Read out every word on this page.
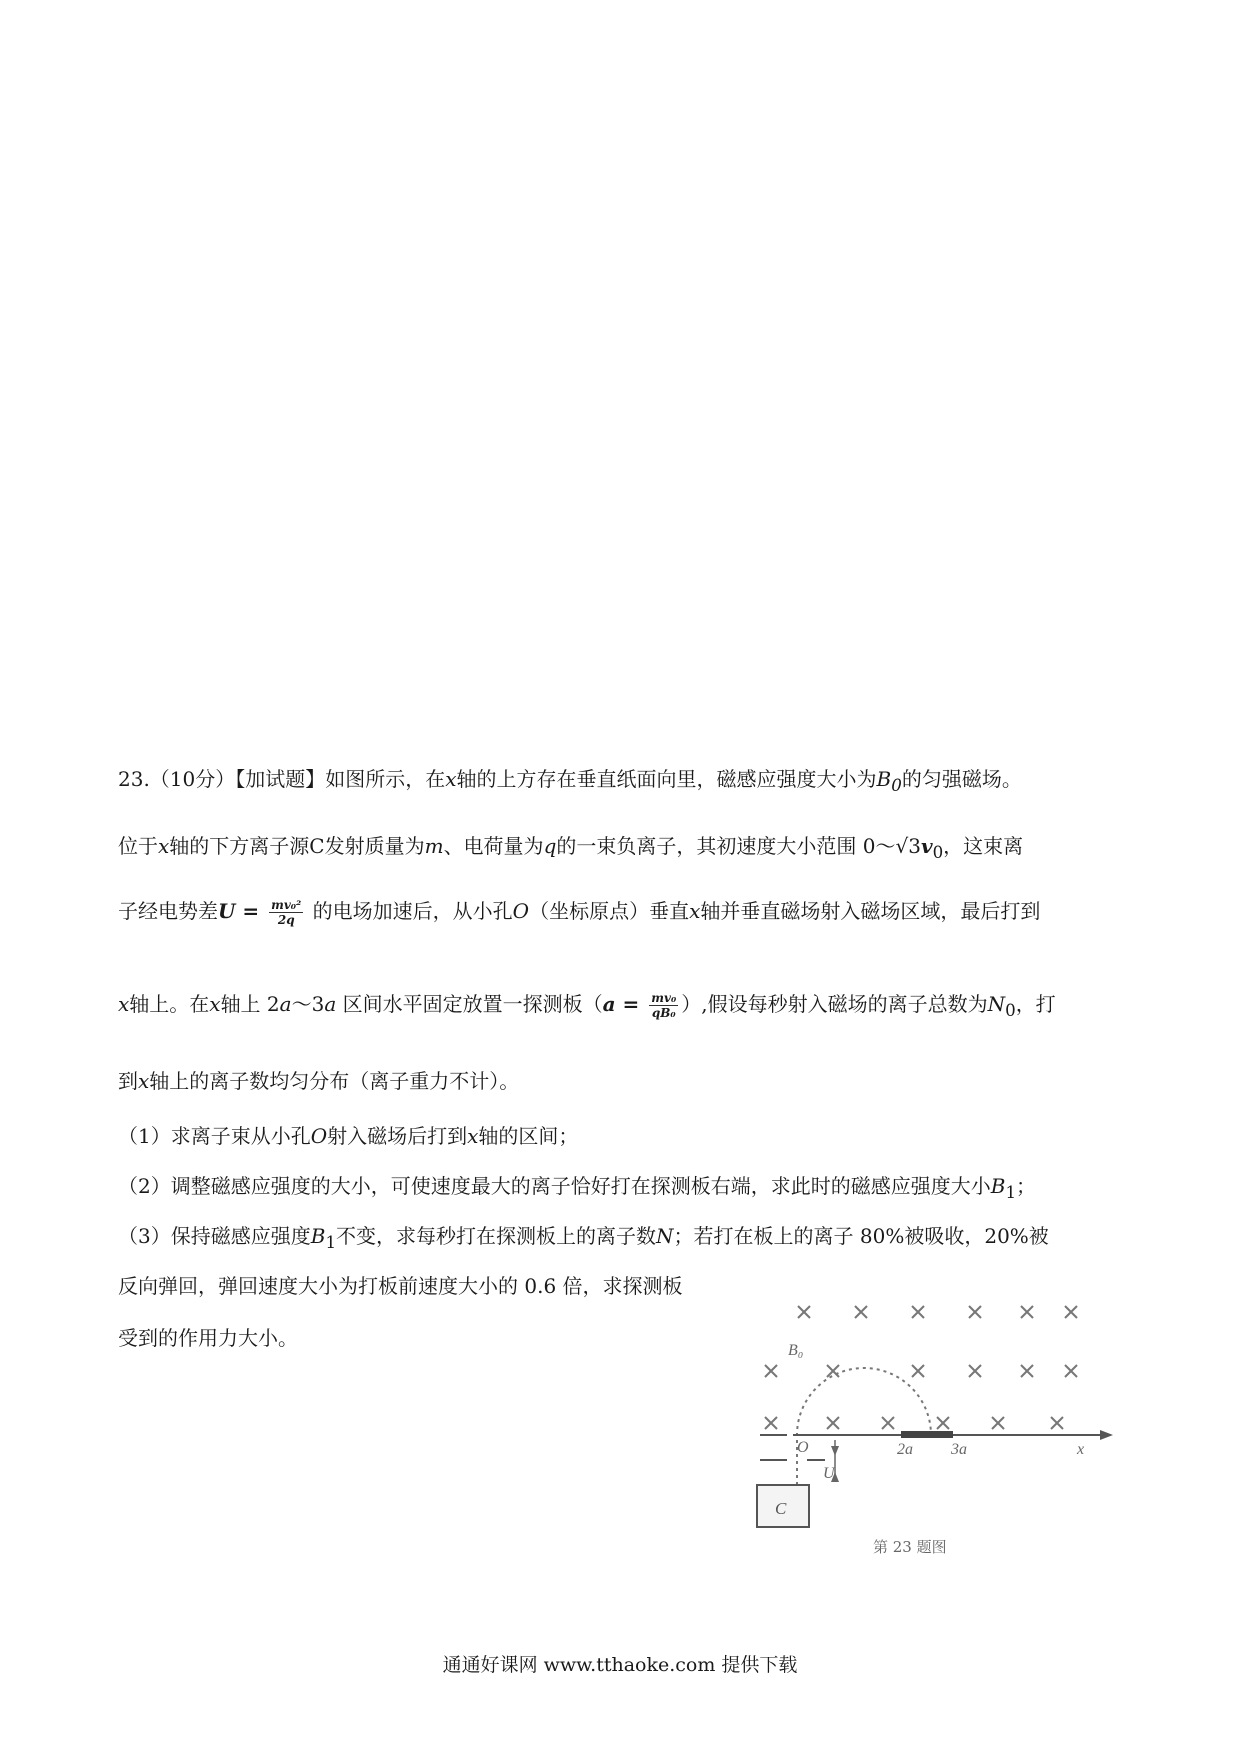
23.（10分）【加试题】如图所示，在x轴的上方存在垂直纸面向里，磁感应强度大小为$B_0$的匀强磁场。
位于x轴的下方离子源C发射质量为m、电荷量为q的一束负离子，其初速度大小范围 $0\sim√3v_0$，这束离
子经电势差$U = \frac{\text{mv₀²}}{2q}$ 的电场加速后，从小孔O（坐标原点）垂直x轴并垂直磁场射入磁场区域，最后打到
x轴上。在x轴上 2a～3a 区间水平固定放置一探测板（$a = \frac{\text{mv₀}}{\text{qB₀}}$ ）,假设每秒射入磁场的离子总数为$N_0$，打
到x轴上的离子数均匀分布（离子重力不计）。
（1）求离子束从小孔O射入磁场后打到x轴的区间；
（2）调整磁感应强度的大小，可使速度最大的离子恰好打在探测板右端，求此时的磁感应强度大小$B_1$；
（3）保持磁感应强度$B_1$不变，求每秒打在探测板上的离子数N；若打在板上的离子 80%被吸收，20%被
反向弹回，弹回速度大小为打板前速度大小的 0.6 倍，求探测板
受到的作用力大小。
B₀
U
O	2a 3a	x
C
第 23 题图
通通好课网 www.tthaoke.com 提供下载
